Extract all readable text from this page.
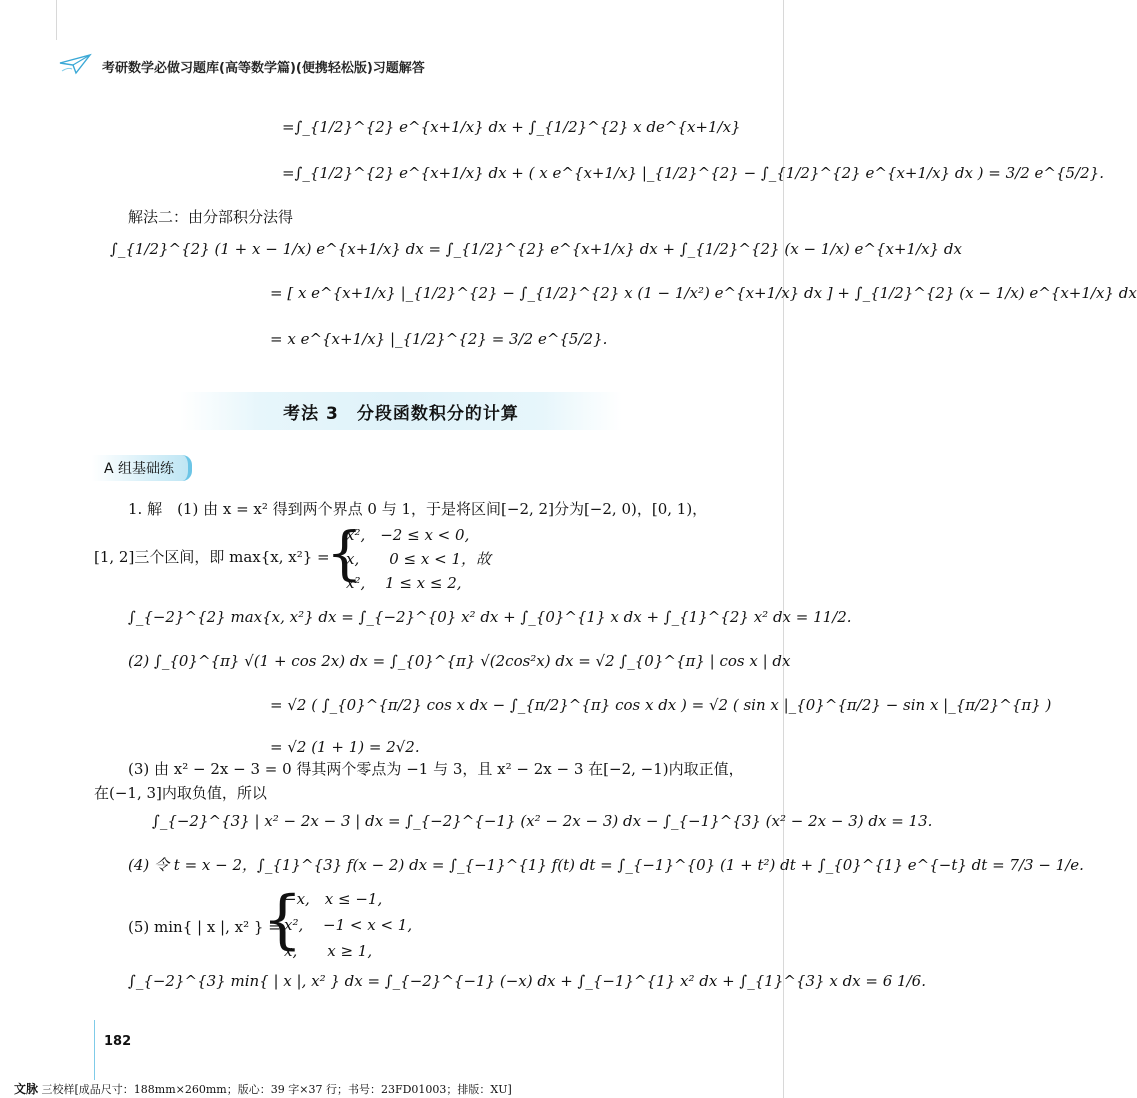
考研数学必做习题库(高等数学篇)(便携轻松版)习题解答
=∫_{1/2}^{2} e^{x+1/x} dx + ∫_{1/2}^{2} x de^{x+1/x}
=∫_{1/2}^{2} e^{x+1/x} dx + ( x e^{x+1/x} |_{1/2}^{2} − ∫_{1/2}^{2} e^{x+1/x} dx ) = 3/2 e^{5/2}.
解法二：由分部积分法得
∫_{1/2}^{2} (1 + x − 1/x) e^{x+1/x} dx = ∫_{1/2}^{2} e^{x+1/x} dx + ∫_{1/2}^{2} (x − 1/x) e^{x+1/x} dx
= [ x e^{x+1/x} |_{1/2}^{2} − ∫_{1/2}^{2} x (1 − 1/x²) e^{x+1/x} dx ] + ∫_{1/2}^{2} (x − 1/x) e^{x+1/x} dx
= x e^{x+1/x} |_{1/2}^{2} = 3/2 e^{5/2}.
考法 3　分段函数积分的计算
A 组基础练
1. 解　(1) 由 x = x² 得到两个界点 0 与 1，于是将区间[−2, 2]分为[−2, 0)，[0, 1)，
[1, 2]三个区间，即 max{x, x²} =
{
x²,　−2 ≤ x < 0,
x,　　0 ≤ x < 1，故
x²,　 1 ≤ x ≤ 2,
∫_{−2}^{2} max{x, x²} dx = ∫_{−2}^{0} x² dx + ∫_{0}^{1} x dx + ∫_{1}^{2} x² dx = 11/2.
(2) ∫_{0}^{π} √(1 + cos 2x) dx = ∫_{0}^{π} √(2cos²x) dx = √2 ∫_{0}^{π} | cos x | dx
= √2 ( ∫_{0}^{π/2} cos x dx − ∫_{π/2}^{π} cos x dx ) = √2 ( sin x |_{0}^{π/2} − sin x |_{π/2}^{π} )
= √2 (1 + 1) = 2√2.
(3) 由 x² − 2x − 3 = 0 得其两个零点为 −1 与 3，且 x² − 2x − 3 在[−2, −1)内取正值，
在(−1, 3]内取负值，所以
∫_{−2}^{3} | x² − 2x − 3 | dx = ∫_{−2}^{−1} (x² − 2x − 3) dx − ∫_{−1}^{3} (x² − 2x − 3) dx = 13.
(4) 令 t = x − 2，∫_{1}^{3} f(x − 2) dx = ∫_{−1}^{1} f(t) dt = ∫_{−1}^{0} (1 + t²) dt + ∫_{0}^{1} e^{−t} dt = 7/3 − 1/e.
(5) min{ | x |, x² } =
{
−x,　x ≤ −1,
x²,　 −1 < x < 1,
x,　　x ≥ 1,
∫_{−2}^{3} min{ | x |, x² } dx = ∫_{−2}^{−1} (−x) dx + ∫_{−1}^{1} x² dx + ∫_{1}^{3} x dx = 6 1/6.
182
文脉 三校样[成品尺寸：188mm×260mm；版心：39 字×37 行；书号：23FD01003；排版：XU]
